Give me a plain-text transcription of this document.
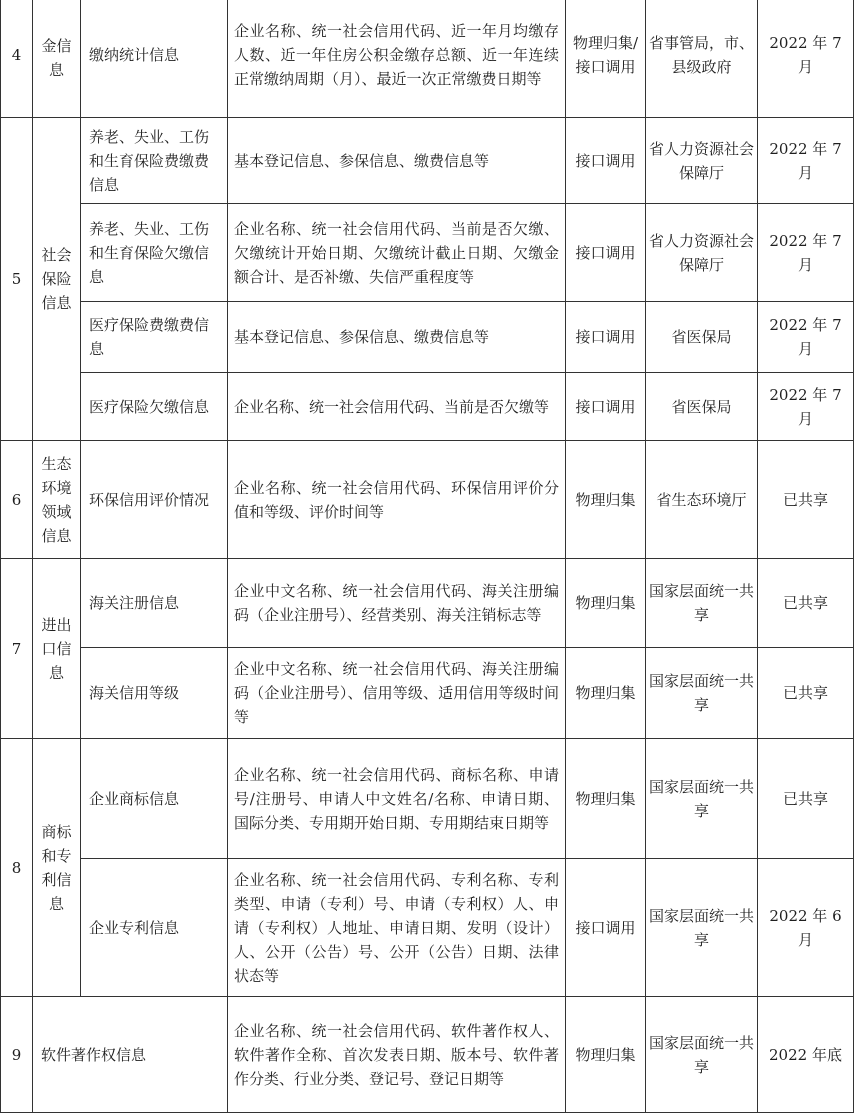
4	金信息	缴纳统计信息	企业名称、统一社会信用代码、近一年月均缴存人数、近一年住房公积金缴存总额、近一年连续正常缴纳周期（月）、最近一次正常缴费日期等	物理归集/接口调用	省事管局，市、县级政府	2022 年 7 月
5	社会保险信息	养老、失业、工伤和生育保险费缴费信息	基本登记信息、参保信息、缴费信息等	接口调用	省人力资源社会保障厅	2022 年 7 月
		养老、失业、工伤和生育保险欠缴信息	企业名称、统一社会信用代码、当前是否欠缴、欠缴统计开始日期、欠缴统计截止日期、欠缴金额合计、是否补缴、失信严重程度等	接口调用	省人力资源社会保障厅	2022 年 7 月
		医疗保险费缴费信息	基本登记信息、参保信息、缴费信息等	接口调用	省医保局	2022 年 7 月
		医疗保险欠缴信息	企业名称、统一社会信用代码、当前是否欠缴等	接口调用	省医保局	2022 年 7 月
6	生态环境领域信息	环保信用评价情况	企业名称、统一社会信用代码、环保信用评价分值和等级、评价时间等	物理归集	省生态环境厅	已共享
7	进出口信息	海关注册信息	企业中文名称、统一社会信用代码、海关注册编码（企业注册号）、经营类别、海关注销标志等	物理归集	国家层面统一共享	已共享
		海关信用等级	企业中文名称、统一社会信用代码、海关注册编码（企业注册号）、信用等级、适用信用等级时间等	物理归集	国家层面统一共享	已共享
8	商标和专利信息	企业商标信息	企业名称、统一社会信用代码、商标名称、申请号/注册号、申请人中文姓名/名称、申请日期、国际分类、专用期开始日期、专用期结束日期等	物理归集	国家层面统一共享	已共享
		企业专利信息	企业名称、统一社会信用代码、专利名称、专利类型、申请（专利）号、申请（专利权）人、申请（专利权）人地址、申请日期、发明（设计）人、公开（公告）号、公开（公告）日期、法律状态等	接口调用	国家层面统一共享	2022 年 6 月
9	软件著作权信息		企业名称、统一社会信用代码、软件著作权人、软件著作全称、首次发表日期、版本号、软件著作分类、行业分类、登记号、登记日期等	物理归集	国家层面统一共享	2022 年底
